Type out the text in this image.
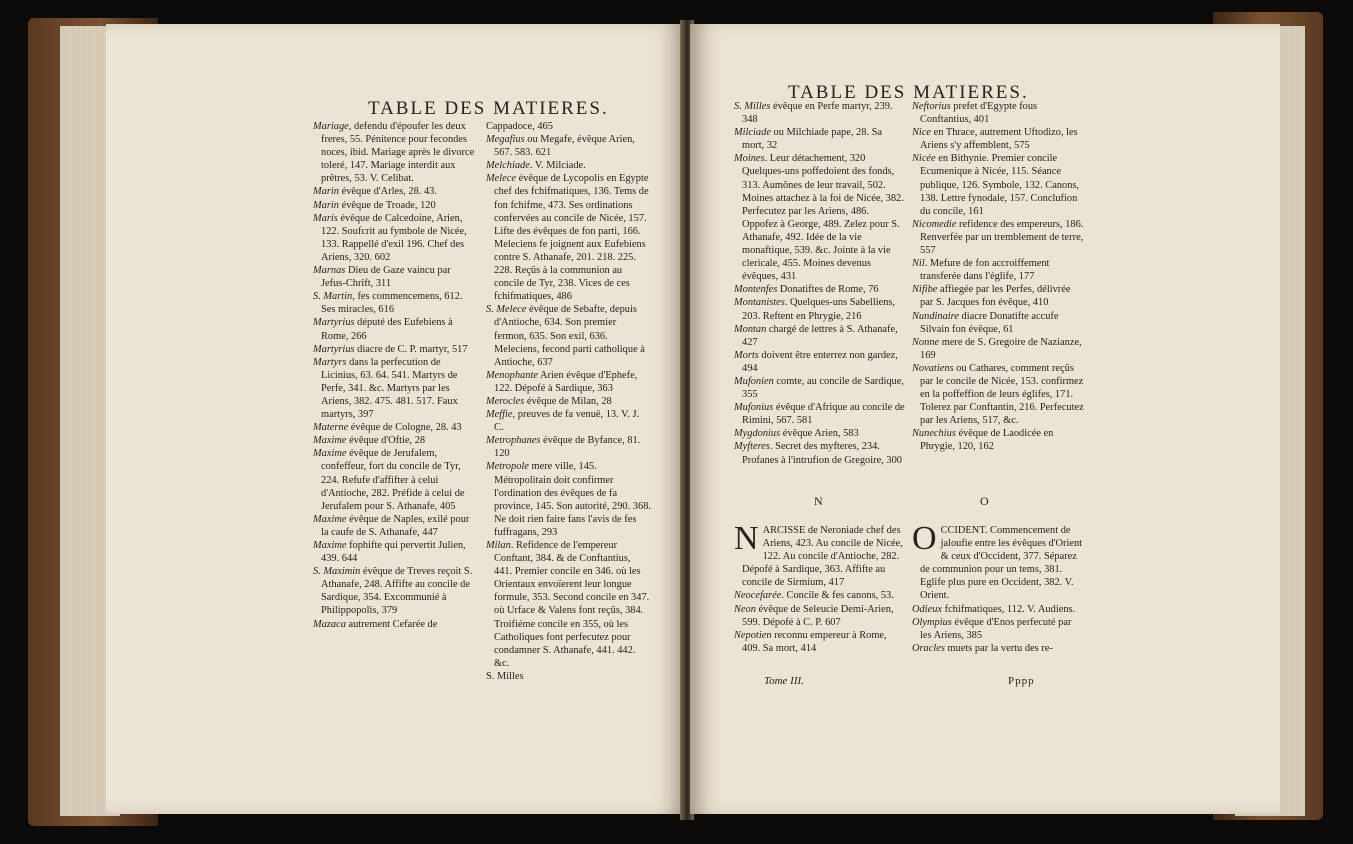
TABLE DES MATIERES.

Mariage, defendu d'époufer les deux freres, 55. Pénitence pour fecondes noces, ibid. Mariage après le divorce toleré, 147. Mariage interdit aux prêtres, 53. V. Celibat.

Marin évêque d'Arles, 28. 43.

Marin évêque de Troade, 120

Maris évêque de Calcedoine, Arien, 122. Soufcrit au fymbole de Nicée, 133. Rappellé d'exil 196. Chef des Ariens, 320. 602

Marnas Dieu de Gaze vaincu par Jefus-Chrift, 311

S. Martin, fes commencemens, 612. Ses miracles, 616

Martyrius député des Eufebiens à Rome, 266

Martyrius diacre de C. P. martyr, 517

Martyrs dans la perfecution de Licinius, 63. 64. 541. Martyrs de Perfe, 341. &c. Martyrs par les Ariens, 382. 475. 481. 517. Faux martyrs, 397

Materne évêque de Cologne, 28. 43

Maxime évêque d'Oftie, 28

Maxime évêque de Jerufalem, confeffeur, fort du concile de Tyr, 224. Refufe d'affifter à celui d'Antioche, 282. Préfide à celui de Jerufalem pour S. Athanafe, 405

Maxime évêque de Naples, exilé pour la caufe de S. Athanafe, 447

Maxime fophifte qui pervertit Julien, 439. 644

S. Maximin évêque de Treves reçoit S. Athanafe, 248. Affifte au concile de Sardique, 354. Excommunié à Philippopolis, 379

Mazaca autrement Cefarée de

Cappadoce, 465

Megafius ou Megafe, évêque Arien, 567. 583. 621

Melchiade. V. Milciade.

Melece évêque de Lycopolis en Egypte chef des fchifmatiques, 136. Tems de fon fchifme, 473. Ses ordinations confervées au concile de Nicée, 157. Lifte des évêques de fon parti, 166. Meleciens fe joignent aux Eufebiens contre S. Athanafe, 201. 218. 225. 228. Reçûs à la communion au concile de Tyr, 238. Vices de ces fchifmatiques, 486

S. Melece évêque de Sebafte, depuis d'Antioche, 634. Son premier fermon, 635. Son exil, 636. Meleciens, fecond parti catholique à Antioche, 637

Menophante Arien évêque d'Ephefe, 122. Dépofé à Sardique, 363

Merocles évêque de Milan, 28

Meffie, preuves de fa venuë, 13. V. J. C.

Metrophanes évêque de Byfance, 81. 120

Metropole mere ville, 145. Métropolitain doit confirmer l'ordination des évêques de fa province, 145. Son autorité, 290. 368. Ne doit rien faire fans l'avis de fes fuffragans, 293

Milan. Refidence de l'empereur Conftant, 384. & de Conftantius, 441. Premier concile en 346. où les Orientaux envoïerent leur longue formule, 353. Second concile en 347. où Urface & Valens font reçûs, 384. Troifiéme concile en 355, où les Catholiques font perfecutez pour condamner S. Athanafe, 441. 442. &c.

S. Milles

TABLE DES MATIERES.

S. Milles évêque en Perfe martyr, 239. 348

Milciade ou Milchiade pape, 28. Sa mort, 32

Moines. Leur détachement, 320 Quelques-uns poffedoient des fonds, 313. Aumônes de leur travail, 502. Moines attachez à la foi de Nicée, 382. Perfecutez par les Ariens, 486. Oppofez à George, 489. Zelez pour S. Athanafe, 492. Idée de la vie monaftique, 539. &c. Jointe à la vie clericale, 455. Moines devenus évêques, 431

Montenfes Donatiftes de Rome, 76

Montanistes. Quelques-uns Sabelliens, 203. Reftent en Phrygie, 216

Montan chargé de lettres à S. Athanafe, 427

Morts doivent être enterrez non gardez, 494

Mufonien comte, au concile de Sardique, 355

Mufonius évêque d'Afrique au concile de Rimini, 567. 581

Mygdonius évêque Arien, 583

Myfteres. Secret des myfteres, 234. Profanes à l'intrufion de Gregoire, 300

Neftorius prefet d'Egypte fous Conftantius, 401

Nice en Thrace, autrement Uftodizo, les Ariens s'y affemblent, 575

Nicée en Bithynie. Premier concile Ecumenique à Nicée, 115. Séance publique, 126. Symbole, 132. Canons, 138. Lettre fynodale, 157. Conclufion du concile, 161

Nicomedie refidence des empereurs, 186. Renverfée par un tremblement de terre, 557

Nil. Mefure de fon accroiffement transferée dans l'églife, 177

Nifibe affiegée par les Perfes, délivrée par S. Jacques fon évêque, 410

Nundinaire diacre Donatifte accufe Silvain fon évêque, 61

Nonne mere de S. Gregoire de Nazianze, 169

Novatiens ou Cathares, comment reçûs par le concile de Nicée, 153. confirmez en la poffeffion de leurs églifes, 171. Tolerez par Conftantin, 216. Perfecutez par les Ariens, 517, &c.

Nunechius évêque de Laodicée en Phrygie, 120, 162

N	O

NARCISSE de Neroniade chef des Ariens, 423. Au concile de Nicée, 122. Au concile d'Antioche, 282. Dépofé à Sardique, 363. Affifte au concile de Sirmium, 417

Neocefarée. Concile & fes canons, 53.

Neon évêque de Seleucie Demi-Arien, 599. Dépofé à C. P. 607

Nepotien reconnu empereur à Rome, 409. Sa mort, 414

OCCIDENT. Commencement de jaloufie entre les évêques d'Orient & ceux d'Occident, 377. Séparez de communion pour un tems, 381. Eglife plus pure en Occident, 382. V. Orient.

Odieux fchifmatiques, 112. V. Audiens.

Olympius évêque d'Enos perfecuté par les Ariens, 385

Oracles muets par la vertu des re-

Tome III.	Pppp
